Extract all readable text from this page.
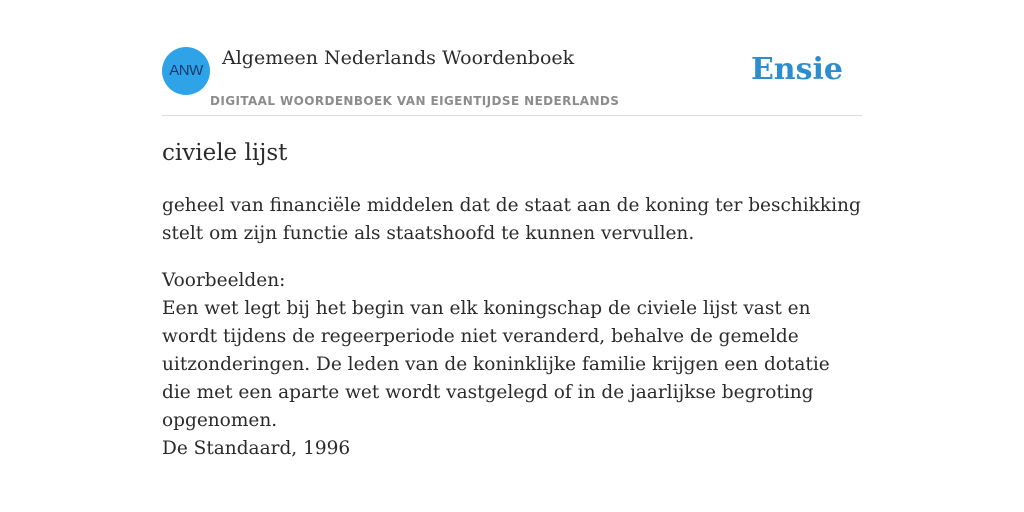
ANW
Algemeen Nederlands Woordenboek
DIGITAAL WOORDENBOEK VAN EIGENTIJDSE NEDERLANDS
Ensie
civiele lijst

geheel van financiële middelen dat de staat aan de koning ter beschikking stelt om zijn functie als staatshoofd te kunnen vervullen.

Voorbeelden:
Een wet legt bij het begin van elk koningschap de civiele lijst vast en wordt tijdens de regeerperiode niet veranderd, behalve de gemelde uitzonderingen. De leden van de koninklijke familie krijgen een dotatie die met een aparte wet wordt vastgelegd of in de jaarlijkse begroting opgenomen.
De Standaard, 1996
